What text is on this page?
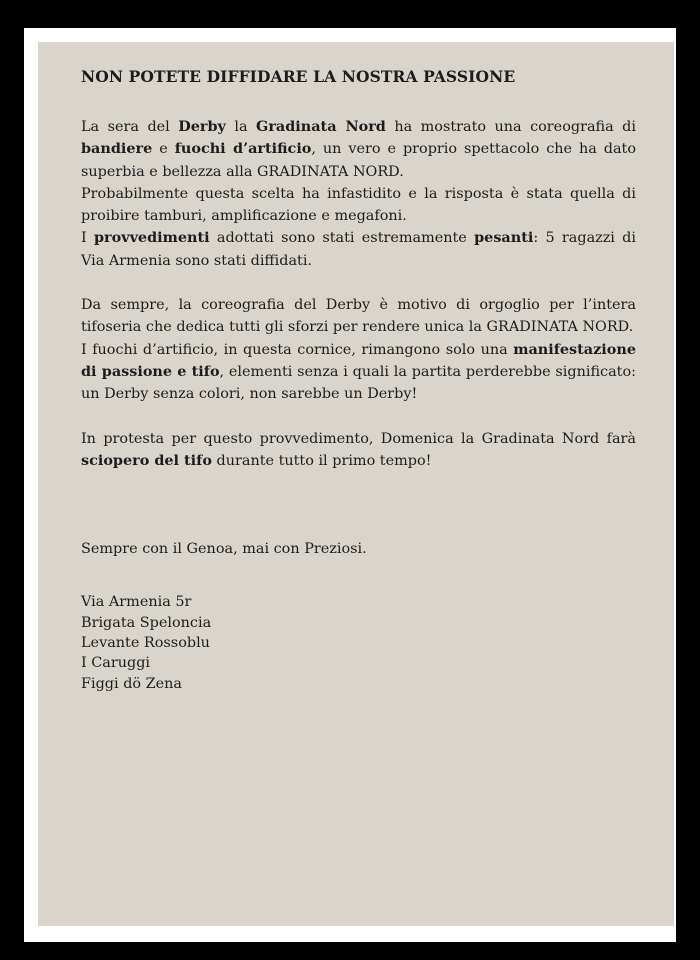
NON POTETE DIFFIDARE LA NOSTRA PASSIONE

La sera del Derby la Gradinata Nord ha mostrato una coreografia di bandiere e fuochi d’artificio, un vero e proprio spettacolo che ha dato superbia e bellezza alla GRADINATA NORD.
Probabilmente questa scelta ha infastidito e la risposta è stata quella di proibire tamburi, amplificazione e megafoni.
I provvedimenti adottati sono stati estremamente pesanti: 5 ragazzi di Via Armenia sono stati diffidati.

Da sempre, la coreografia del Derby è motivo di orgoglio per l’intera tifoseria che dedica tutti gli sforzi per rendere unica la GRADINATA NORD.
I fuochi d’artificio, in questa cornice, rimangono solo una manifestazione di passione e tifo, elementi senza i quali la partita perderebbe significato: un Derby senza colori, non sarebbe un Derby!

In protesta per questo provvedimento, Domenica la Gradinata Nord farà sciopero del tifo durante tutto il primo tempo!

Sempre con il Genoa, mai con Preziosi.
Via Armenia 5r
Brigata Speloncia
Levante Rossoblu
I Caruggi
Figgi dö Zena
